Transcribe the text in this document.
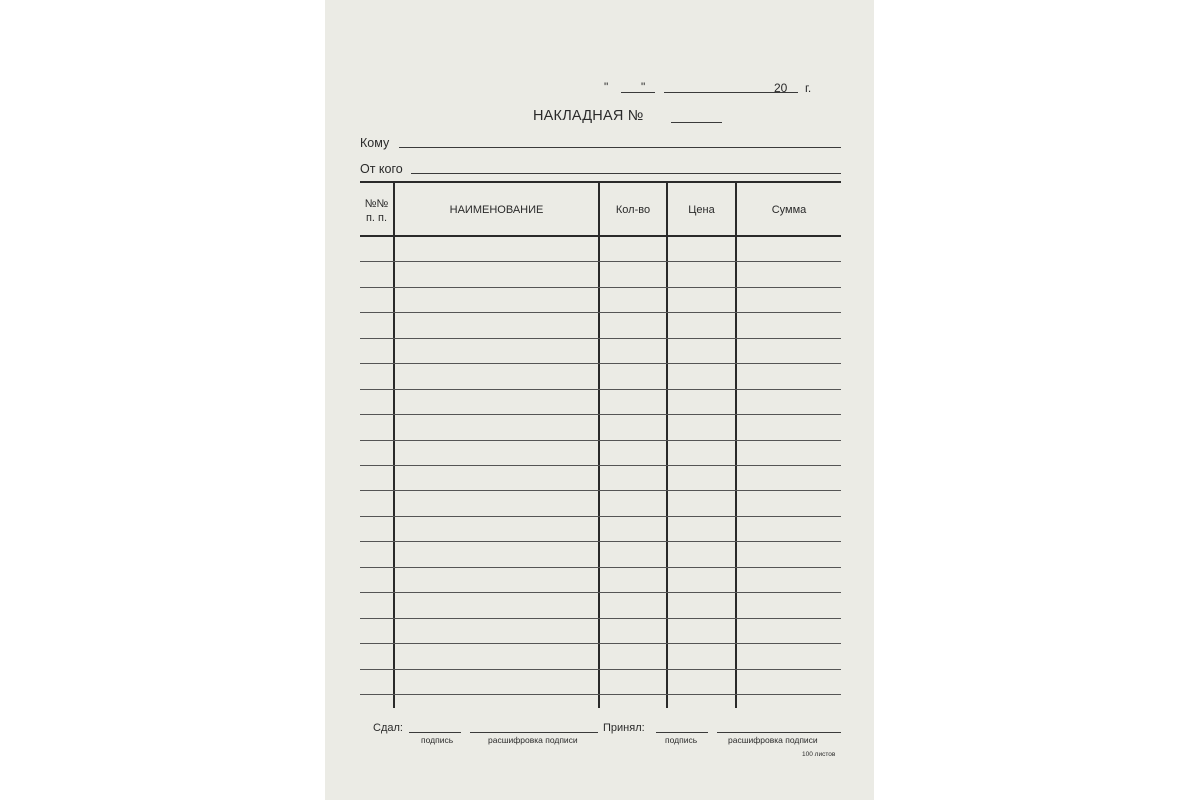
"	"	20 г.
НАКЛАДНАЯ №
Кому
От кого
№№
п. п.
НАИМЕНОВАНИЕ	Кол-во	Цена	Сумма
Сдал:
подпись	расшифровка подписи
Принял:
подпись	расшифровка подписи
100 листов
